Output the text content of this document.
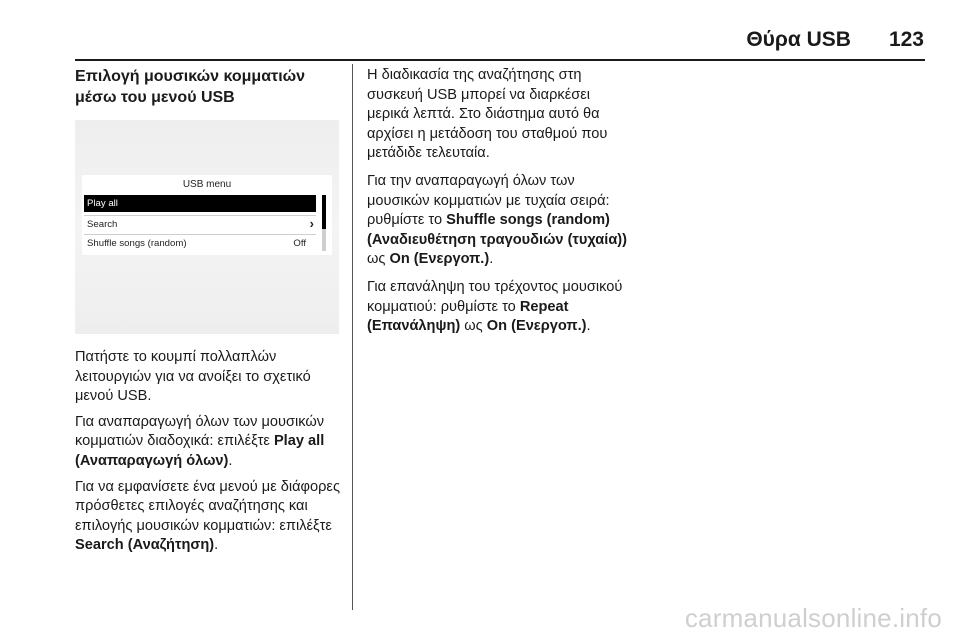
Θύρα USB 123
Επιλογή μουσικών κομματιών
μέσω του μενού USB
USB menu
Play all
Search	›
Shuffle songs (random)	Off

Πατήστε το κουμπί πολλαπλών λειτουργιών για να ανοίξει το σχετικό μενού USB.

Για αναπαραγωγή όλων των μουσικών κομματιών διαδοχικά: επιλέξτε Play all (Αναπαραγωγή όλων).

Για να εμφανίσετε ένα μενού με διάφορες πρόσθετες επιλογές αναζήτησης και επιλογής μουσικών κομματιών: επιλέξτε Search (Αναζήτηση).

Η διαδικασία της αναζήτησης στη συσκευή USB μπορεί να διαρκέσει μερικά λεπτά. Στο διάστημα αυτό θα αρχίσει η μετάδοση του σταθμού που μετάδιδε τελευταία.

Για την αναπαραγωγή όλων των μουσικών κομματιών με τυχαία σειρά: ρυθμίστε το Shuffle songs (random) (Αναδιευθέτηση τραγουδιών (τυχαία)) ως On (Ενεργοπ.).

Για επανάληψη του τρέχοντος μουσικού κομματιού: ρυθμίστε το Repeat (Επανάληψη) ως On (Ενεργοπ.).

carmanualsonline.info
